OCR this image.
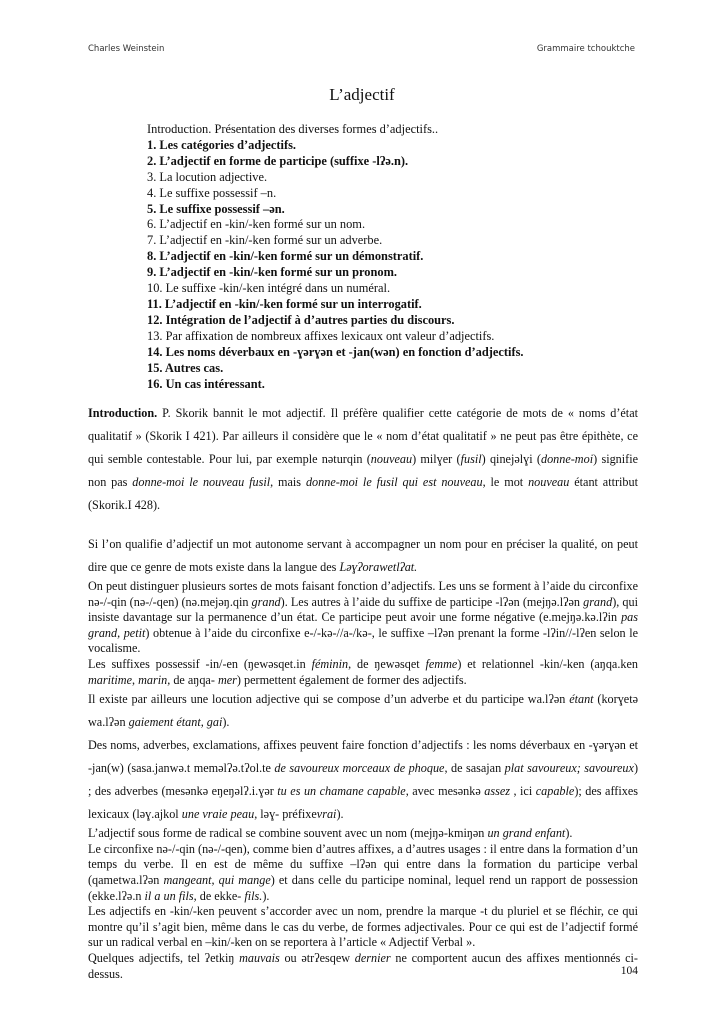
Charles Weinstein	Grammaire tchouktche
L’adjectif
Introduction. Présentation des diverses formes d’adjectifs..
1. Les catégories d’adjectifs.
2. L’adjectif en forme de participe (suffixe -lʔə.n).
3. La locution adjective.
4. Le suffixe possessif –n.
5. Le suffixe possessif –ən.
6. L’adjectif en -kin/-ken formé sur un nom.
7. L’adjectif en -kin/-ken formé sur un adverbe.
8. L’adjectif en -kin/-ken formé sur un démonstratif.
9. L’adjectif en -kin/-ken formé sur un pronom.
10. Le suffixe -kin/-ken intégré dans un numéral.
11. L’adjectif en -kin/-ken formé sur un interrogatif.
12. Intégration de l’adjectif à d’autres parties du discours.
13. Par affixation de nombreux affixes lexicaux ont valeur d’adjectifs.
14. Les noms déverbaux en -ɣərɣən et -jan(wən) en fonction d’adjectifs.
15. Autres cas.
16. Un cas intéressant.

Introduction. P. Skorik bannit le mot adjectif. Il préfère qualifier cette catégorie de mots de « noms d’état qualitatif » (Skorik I 421). Par ailleurs il considère que le « nom d’état qualitatif » ne peut pas être épithète, ce qui semble contestable. Pour lui, par exemple nəturqin (nouveau) milɣer (fusil) qinejəlɣi (donne-moi) signifie non pas donne-moi le nouveau fusil, mais donne-moi le fusil qui est nouveau, le mot nouveau étant attribut (Skorik.I 428).

Si l’on qualifie d’adjectif un mot autonome servant à accompagner un nom pour en préciser la qualité, on peut dire que ce genre de mots existe dans la langue des Ləɣʔorawetlʔat.

On peut distinguer plusieurs sortes de mots faisant fonction d’adjectifs. Les uns se forment à l’aide du circonfixe nə-/-qin (nə-/-qen) (nə.mejəŋ.qin grand). Les autres à l’aide du suffixe de participe -lʔən (mejŋə.lʔən grand), qui insiste davantage sur la permanence d’un état. Ce participe peut avoir une forme négative (e.mejŋə.kə.lʔin pas grand, petit) obtenue à l’aide du circonfixe e-/-kə-//a-/kə-, le suffixe –lʔən prenant la forme -lʔin//-lʔen selon le vocalisme.

Les suffixes possessif -in/-en (ŋewəsqet.in féminin, de ŋewəsqet femme) et relationnel -kin/-ken (aŋqa.ken maritime, marin, de aŋqa- mer) permettent également de former des adjectifs.

Il existe par ailleurs une locution adjective qui se compose d’un adverbe et du participe wa.lʔən étant (korɣetə wa.lʔən gaiement étant, gai).

Des noms, adverbes, exclamations, affixes peuvent faire fonction d’adjectifs : les noms déverbaux en -ɣərɣən et -jan(w) (sasa.janwə.t meməlʔə.tʔol.te de savoureux morceaux de phoque, de sasajan plat savoureux; savoureux) ; des adverbes (mesənkə eŋeŋəlʔ.i.ɣər tu es un chamane capable, avec mesənkə assez , ici capable); des affixes lexicaux (ləɣ.ajkol une vraie peau, ləɣ- préfixevrai).

L’adjectif sous forme de radical se combine souvent avec un nom (mejŋə-kmiŋən un grand enfant).

Le circonfixe nə-/-qin (nə-/-qen), comme bien d’autres affixes, a d’autres usages : il entre dans la formation d’un temps du verbe. Il en est de même du suffixe –lʔən qui entre dans la formation du participe verbal (qametwa.lʔən mangeant, qui mange) et dans celle du participe nominal, lequel rend un rapport de possession (ekke.lʔə.n il a un fils, de ekke- fils.).

Les adjectifs en -kin/-ken peuvent s’accorder avec un nom, prendre la marque -t du pluriel et se fléchir, ce qui montre qu’il s’agit bien, même dans le cas du verbe, de formes adjectivales. Pour ce qui est de l’adjectif formé sur un radical verbal en –kin/-ken on se reportera à l’article « Adjectif Verbal ».

Quelques adjectifs, tel ʔetkiŋ mauvais ou ətrʔesqew dernier ne comportent aucun des affixes mentionnés ci-dessus.	104
